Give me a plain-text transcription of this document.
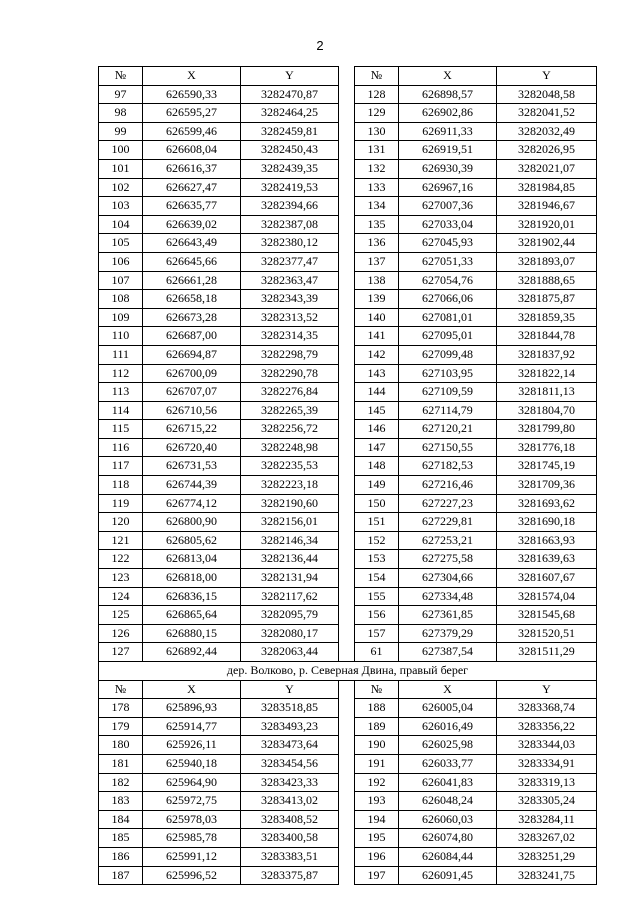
2
№	X	Y		№	X	Y
97	626590,33	3282470,87		128	626898,57	3282048,58
98	626595,27	3282464,25		129	626902,86	3282041,52
99	626599,46	3282459,81		130	626911,33	3282032,49
100	626608,04	3282450,43		131	626919,51	3282026,95
101	626616,37	3282439,35		132	626930,39	3282021,07
102	626627,47	3282419,53		133	626967,16	3281984,85
103	626635,77	3282394,66		134	627007,36	3281946,67
104	626639,02	3282387,08		135	627033,04	3281920,01
105	626643,49	3282380,12		136	627045,93	3281902,44
106	626645,66	3282377,47		137	627051,33	3281893,07
107	626661,28	3282363,47		138	627054,76	3281888,65
108	626658,18	3282343,39		139	627066,06	3281875,87
109	626673,28	3282313,52		140	627081,01	3281859,35
110	626687,00	3282314,35		141	627095,01	3281844,78
111	626694,87	3282298,79		142	627099,48	3281837,92
112	626700,09	3282290,78		143	627103,95	3281822,14
113	626707,07	3282276,84		144	627109,59	3281811,13
114	626710,56	3282265,39		145	627114,79	3281804,70
115	626715,22	3282256,72		146	627120,21	3281799,80
116	626720,40	3282248,98		147	627150,55	3281776,18
117	626731,53	3282235,53		148	627182,53	3281745,19
118	626744,39	3282223,18		149	627216,46	3281709,36
119	626774,12	3282190,60		150	627227,23	3281693,62
120	626800,90	3282156,01		151	627229,81	3281690,18
121	626805,62	3282146,34		152	627253,21	3281663,93
122	626813,04	3282136,44		153	627275,58	3281639,63
123	626818,00	3282131,94		154	627304,66	3281607,67
124	626836,15	3282117,62		155	627334,48	3281574,04
125	626865,64	3282095,79		156	627361,85	3281545,68
126	626880,15	3282080,17		157	627379,29	3281520,51
127	626892,44	3282063,44		61	627387,54	3281511,29
дер. Волково, р. Северная Двина, правый берег						
№	X	Y		№	X	Y
178	625896,93	3283518,85		188	626005,04	3283368,74
179	625914,77	3283493,23		189	626016,49	3283356,22
180	625926,11	3283473,64		190	626025,98	3283344,03
181	625940,18	3283454,56		191	626033,77	3283334,91
182	625964,90	3283423,33		192	626041,83	3283319,13
183	625972,75	3283413,02		193	626048,24	3283305,24
184	625978,03	3283408,52		194	626060,03	3283284,11
185	625985,78	3283400,58		195	626074,80	3283267,02
186	625991,12	3283383,51		196	626084,44	3283251,29
187	625996,52	3283375,87		197	626091,45	3283241,75
